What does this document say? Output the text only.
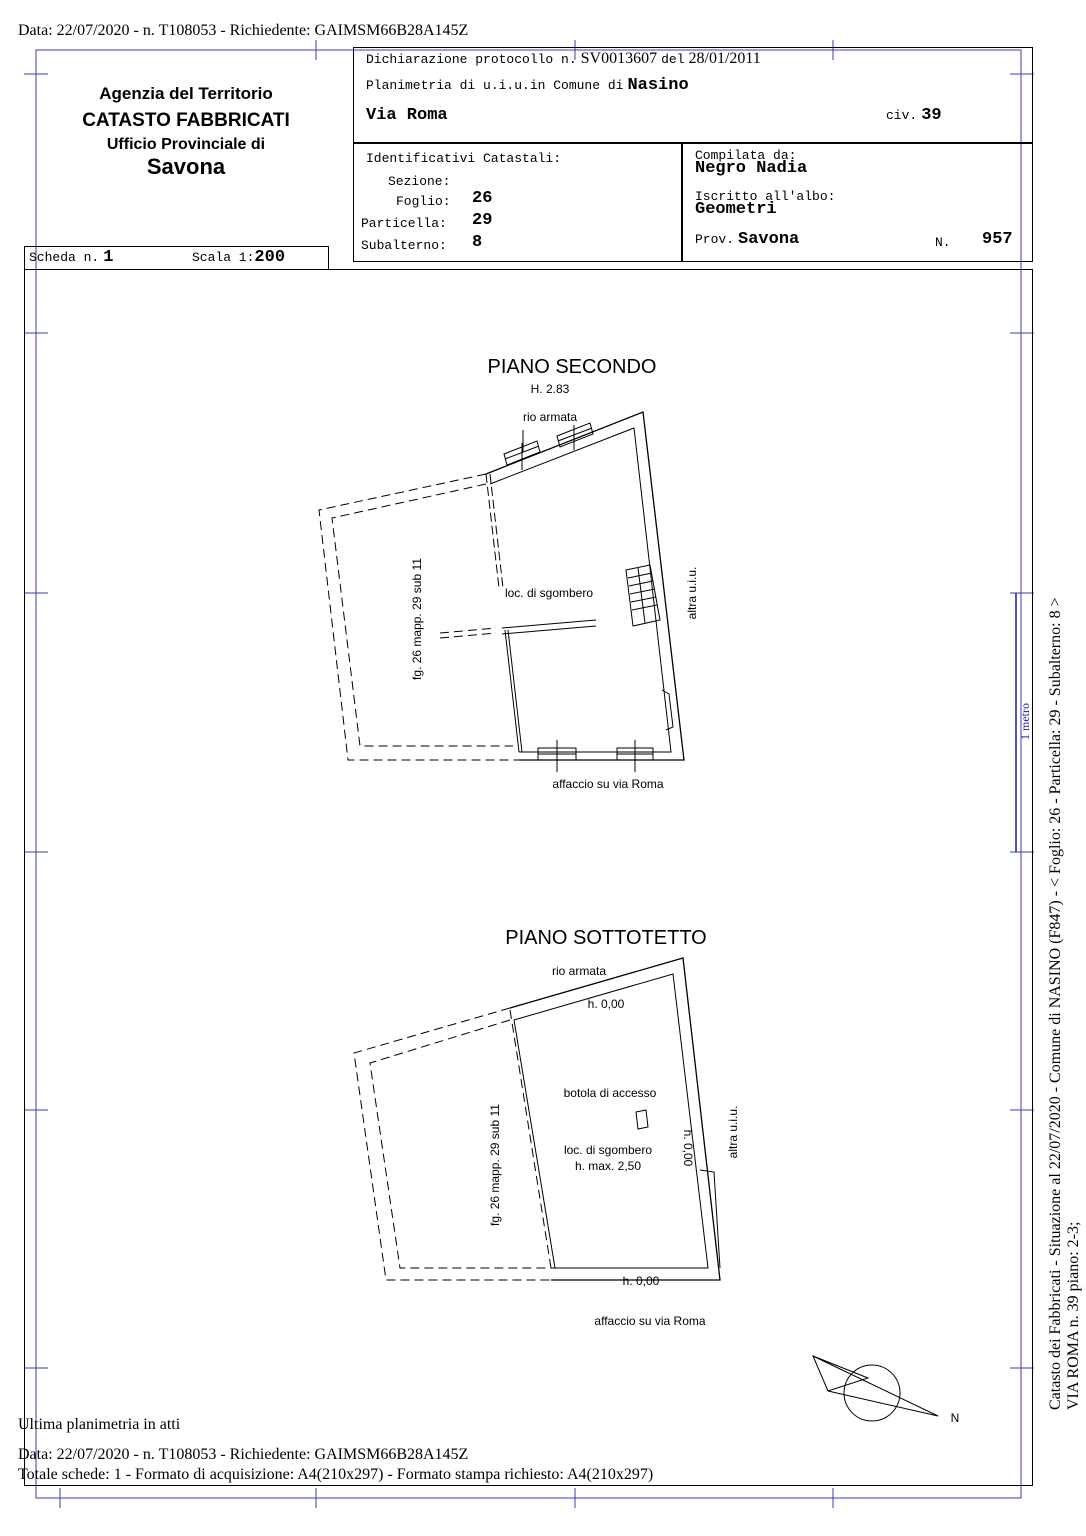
Data: 22/07/2020 - n. T108053 - Richiedente: GAIMSM66B28A145Z
Agenzia del Territorio
CATASTO FABBRICATI
Ufficio Provinciale di
Savona
Dichiarazione protocollo n. SV0013607 del 28/01/2011
Planimetria di u.i.u.in Comune di Nasino
Via Roma	civ. 39
Identificativi Catastali:
Sezione:
Foglio: 26
Particella: 29
Subalterno: 8
Compilata da:
Negro Nadia
Iscritto all'albo:
Geometri
Prov. Savona	N. 957
Scheda n. 1	Scala 1:200
PIANO SECONDO
H. 2.83
rio armata
loc. di sgombero	altra u.i.u.
fg. 26 mapp. 29 sub 11
affaccio su via Roma
PIANO SOTTOTETTO
rio armata
h. 0,00
botola di accesso
loc. di sgombero
h. max. 2,50	h. 0,00	altra u.i.u.
fg. 26 mapp. 29 sub 11
h. 0,00
affaccio su via Roma
N
Catasto dei Fabbricati - Situazione al 22/07/2020 - Comune di NASINO (F847) - < Foglio: 26 - Particella: 29 - Subalterno: 8 > VIA ROMA n. 39 piano: 2-3;
1 metro
Ultima planimetria in atti
Data: 22/07/2020 - n. T108053 - Richiedente: GAIMSM66B28A145Z
Totale schede: 1 - Formato di acquisizione: A4(210x297) - Formato stampa richiesto: A4(210x297)
